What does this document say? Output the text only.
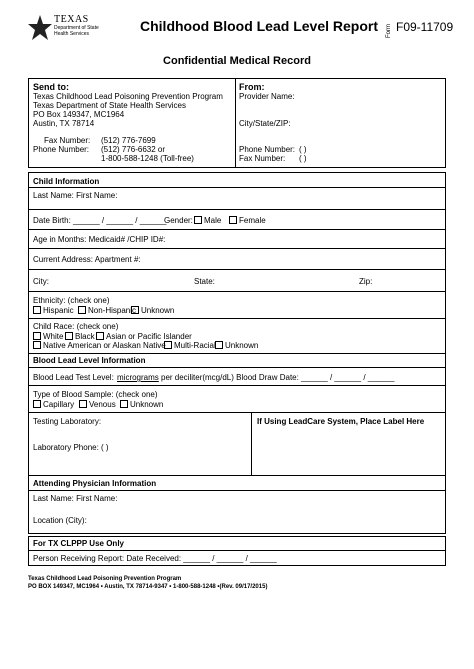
TEXAS
Department of State Health Services	Childhood Blood Lead Level Report Form F09-11709
Confidential Medical Record
Send to:
Texas Childhood Lead Poisoning Prevention Program
Texas Department of State Health Services
PO Box 149347, MC1964
Austin, TX 78714
Fax Number: (512) 776-7699
Phone Number: (512) 776-6632 or
1-800-588-1248 (Toll-free)
From:
Provider Name:
City/State/ZIP:
Phone Number: ( )
Fax Number: ( )
Child Information
Last Name: First Name:
Date Birth: ______ / ______ / ______
Gender:	Male	Female
Age in Months: Medicaid# /CHIP ID#:
Current Address: Apartment #:
City:	State:	Zip:
Ethnicity: (check one)
Hispanic	Non-Hispanic Unknown
Child Race: (check one)
White	Black	Asian or Pacific Islander
Native American or Alaskan Native	Multi-Racial	Unknown
Blood Lead Level Information
Blood Lead Test Level: micrograms per deciliter(mcg/dL) Blood Draw Date: ______ / ______ / ______
Type of Blood Sample: (check one)
Capillary	Venous	Unknown
Testing Laboratory:
Laboratory Phone: ( )
If Using LeadCare System, Place Label Here
Attending Physician Information
Last Name: First Name:
Location (City):
For TX CLPPP Use Only
Person Receiving Report: Date Received: ______ / ______ / ______
Texas Childhood Lead Poisoning Prevention Program
PO BOX 149347, MC1964 • Austin, TX 78714-9347 • 1-800-588-1248 •(Rev. 09/17/2015)
